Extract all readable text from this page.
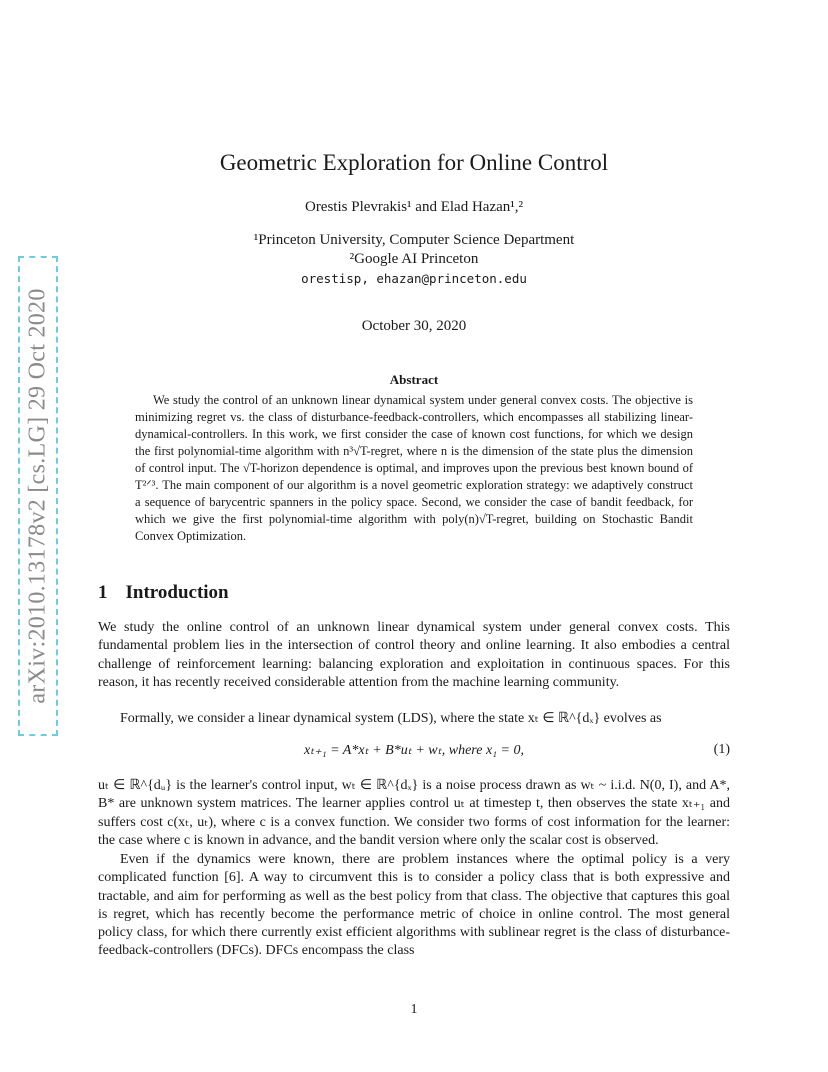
arXiv:2010.13178v2 [cs.LG] 29 Oct 2020
Geometric Exploration for Online Control
Orestis Plevrakis¹ and Elad Hazan¹,²
¹Princeton University, Computer Science Department
²Google AI Princeton
orestisp, ehazan@princeton.edu
October 30, 2020
Abstract

We study the control of an unknown linear dynamical system under general convex costs. The objective is minimizing regret vs. the class of disturbance-feedback-controllers, which encompasses all stabilizing linear-dynamical-controllers. In this work, we first consider the case of known cost functions, for which we design the first polynomial-time algorithm with n³√T-regret, where n is the dimension of the state plus the dimension of control input. The √T-horizon dependence is optimal, and improves upon the previous best known bound of T²ᐟ³. The main component of our algorithm is a novel geometric exploration strategy: we adaptively construct a sequence of barycentric spanners in the policy space. Second, we consider the case of bandit feedback, for which we give the first polynomial-time algorithm with poly(n)√T-regret, building on Stochastic Bandit Convex Optimization.

1 Introduction

We study the online control of an unknown linear dynamical system under general convex costs. This fundamental problem lies in the intersection of control theory and online learning. It also embodies a central challenge of reinforcement learning: balancing exploration and exploitation in continuous spaces. For this reason, it has recently received considerable attention from the machine learning community.

Formally, we consider a linear dynamical system (LDS), where the state xₜ ∈ ℝ^{dₓ} evolves as

xₜ₊₁ = A*xₜ + B*uₜ + wₜ, where x₁ = 0,	(1)

uₜ ∈ ℝ^{dᵤ} is the learner's control input, wₜ ∈ ℝ^{dₓ} is a noise process drawn as wₜ ~ i.i.d. N(0, I), and A*, B* are unknown system matrices. The learner applies control uₜ at timestep t, then observes the state xₜ₊₁ and suffers cost c(xₜ, uₜ), where c is a convex function. We consider two forms of cost information for the learner: the case where c is known in advance, and the bandit version where only the scalar cost is observed.

Even if the dynamics were known, there are problem instances where the optimal policy is a very complicated function [6]. A way to circumvent this is to consider a policy class that is both expressive and tractable, and aim for performing as well as the best policy from that class. The objective that captures this goal is regret, which has recently become the performance metric of choice in online control. The most general policy class, for which there currently exist efficient algorithms with sublinear regret is the class of disturbance-feedback-controllers (DFCs). DFCs encompass the class

1
